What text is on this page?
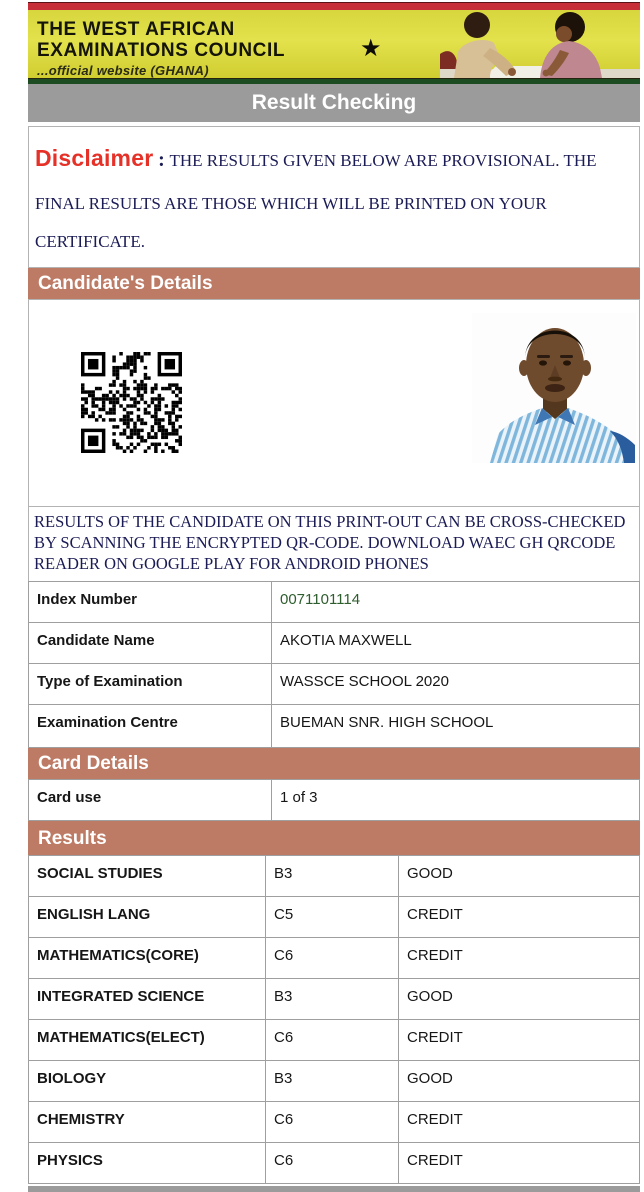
THE WEST AFRICAN
EXAMINATIONS COUNCIL
...official website (GHANA)
★
Result Checking
Disclaimer : THE RESULTS GIVEN BELOW ARE PROVISIONAL. THE FINAL RESULTS ARE THOSE WHICH WILL BE PRINTED ON YOUR CERTIFICATE.
Candidate's Details
RESULTS OF THE CANDIDATE ON THIS PRINT-OUT CAN BE CROSS-CHECKED BY SCANNING THE ENCRYPTED QR-CODE. DOWNLOAD WAEC GH QRCODE READER ON GOOGLE PLAY FOR ANDROID PHONES
Index Number	0071101114
Candidate Name	AKOTIA MAXWELL
Type of Examination	WASSCE SCHOOL 2020
Examination Centre	BUEMAN SNR. HIGH SCHOOL
Card Details
Card use	1 of 3
Results
SOCIAL STUDIES	B3	GOOD
ENGLISH LANG	C5	CREDIT
MATHEMATICS(CORE)	C6	CREDIT
INTEGRATED SCIENCE	B3	GOOD
MATHEMATICS(ELECT)	C6	CREDIT
BIOLOGY	B3	GOOD
CHEMISTRY	C6	CREDIT
PHYSICS	C6	CREDIT
